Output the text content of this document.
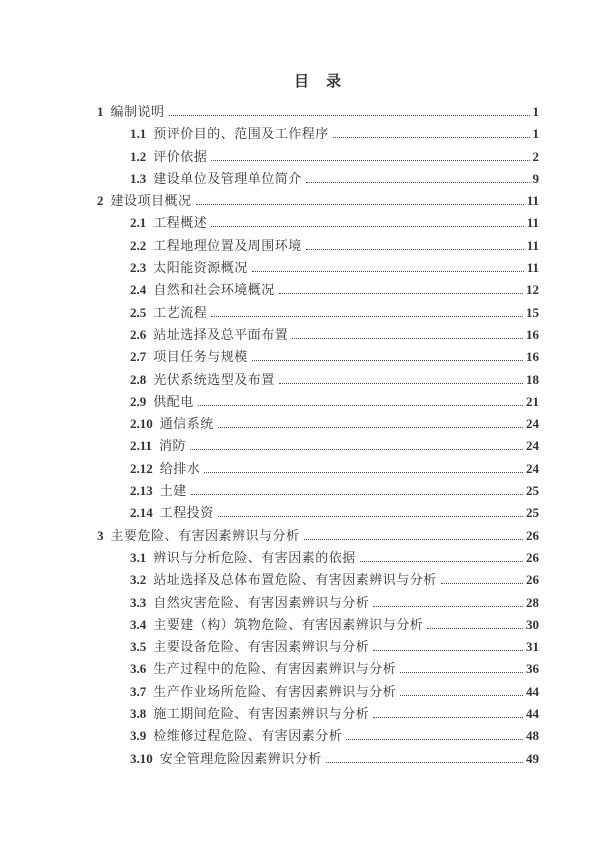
目　录
1 编制说明	1
1.1 预评价目的、范围及工作程序	1
1.2 评价依据	2
1.3 建设单位及管理单位简介	9
2 建设项目概况	11
2.1 工程概述	11
2.2 工程地理位置及周围环境	11
2.3 太阳能资源概况	11
2.4 自然和社会环境概况	12
2.5 工艺流程	15
2.6 站址选择及总平面布置	16
2.7 项目任务与规模	16
2.8 光伏系统选型及布置	18
2.9 供配电	21
2.10 通信系统	24
2.11 消防	24
2.12 给排水	24
2.13 土建	25
2.14 工程投资	25
3 主要危险、有害因素辨识与分析	26
3.1 辨识与分析危险、有害因素的依据	26
3.2 站址选择及总体布置危险、有害因素辨识与分析	26
3.3 自然灾害危险、有害因素辨识与分析	28
3.4 主要建（构）筑物危险、有害因素辨识与分析	30
3.5 主要设备危险、有害因素辨识与分析	31
3.6 生产过程中的危险、有害因素辨识与分析	36
3.7 生产作业场所危险、有害因素辨识与分析	44
3.8 施工期间危险、有害因素辨识与分析	44
3.9 检维修过程危险、有害因素分析	48
3.10 安全管理危险因素辨识分析	49
